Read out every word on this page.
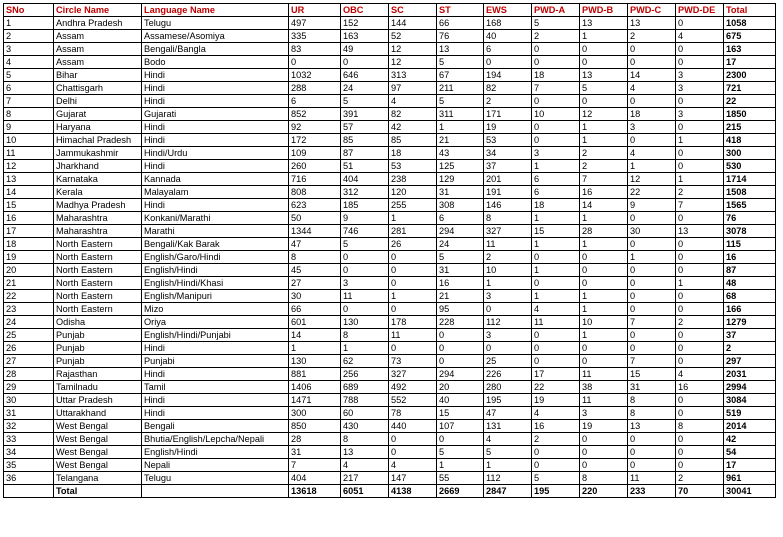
SNo	Circle Name	Language Name	UR	OBC	SC	ST	EWS	PWD-A	PWD-B	PWD-C	PWD-DE	Total
1	Andhra Pradesh	Telugu	497	152	144	66	168	5	13	13	0	1058
2	Assam	Assamese/Asomiya	335	163	52	76	40	2	1	2	4	675
3	Assam	Bengali/Bangla	83	49	12	13	6	0	0	0	0	163
4	Assam	Bodo	0	0	12	5	0	0	0	0	0	17
5	Bihar	Hindi	1032	646	313	67	194	18	13	14	3	2300
6	Chattisgarh	Hindi	288	24	97	211	82	7	5	4	3	721
7	Delhi	Hindi	6	5	4	5	2	0	0	0	0	22
8	Gujarat	Gujarati	852	391	82	311	171	10	12	18	3	1850
9	Haryana	Hindi	92	57	42	1	19	0	1	3	0	215
10	Himachal Pradesh	Hindi	172	85	85	21	53	0	1	0	1	418
11	Jammukashmir	Hindi/Urdu	109	87	18	43	34	3	2	4	0	300
12	Jharkhand	Hindi	260	51	53	125	37	1	2	1	0	530
13	Karnataka	Kannada	716	404	238	129	201	6	7	12	1	1714
14	Kerala	Malayalam	808	312	120	31	191	6	16	22	2	1508
15	Madhya Pradesh	Hindi	623	185	255	308	146	18	14	9	7	1565
16	Maharashtra	Konkani/Marathi	50	9	1	6	8	1	1	0	0	76
17	Maharashtra	Marathi	1344	746	281	294	327	15	28	30	13	3078
18	North Eastern	Bengali/Kak Barak	47	5	26	24	11	1	1	0	0	115
19	North Eastern	English/Garo/Hindi	8	0	0	5	2	0	0	1	0	16
20	North Eastern	English/Hindi	45	0	0	31	10	1	0	0	0	87
21	North Eastern	English/Hindi/Khasi	27	3	0	16	1	0	0	0	1	48
22	North Eastern	English/Manipuri	30	11	1	21	3	1	1	0	0	68
23	North Eastern	Mizo	66	0	0	95	0	4	1	0	0	166
24	Odisha	Oriya	601	130	178	228	112	11	10	7	2	1279
25	Punjab	English/Hindi/Punjabi	14	8	11	0	3	0	1	0	0	37
26	Punjab	Hindi	1	1	0	0	0	0	0	0	0	2
27	Punjab	Punjabi	130	62	73	0	25	0	0	7	0	297
28	Rajasthan	Hindi	881	256	327	294	226	17	11	15	4	2031
29	Tamilnadu	Tamil	1406	689	492	20	280	22	38	31	16	2994
30	Uttar Pradesh	Hindi	1471	788	552	40	195	19	11	8	0	3084
31	Uttarakhand	Hindi	300	60	78	15	47	4	3	8	0	519
32	West Bengal	Bengali	850	430	440	107	131	16	19	13	8	2014
33	West Bengal	Bhutia/English/Lepcha/Nepali	28	8	0	0	4	2	0	0	0	42
34	West Bengal	English/Hindi	31	13	0	5	5	0	0	0	0	54
35	West Bengal	Nepali	7	4	4	1	1	0	0	0	0	17
36	Telangana	Telugu	404	217	147	55	112	5	8	11	2	961
	Total		13618	6051	4138	2669	2847	195	220	233	70	30041
